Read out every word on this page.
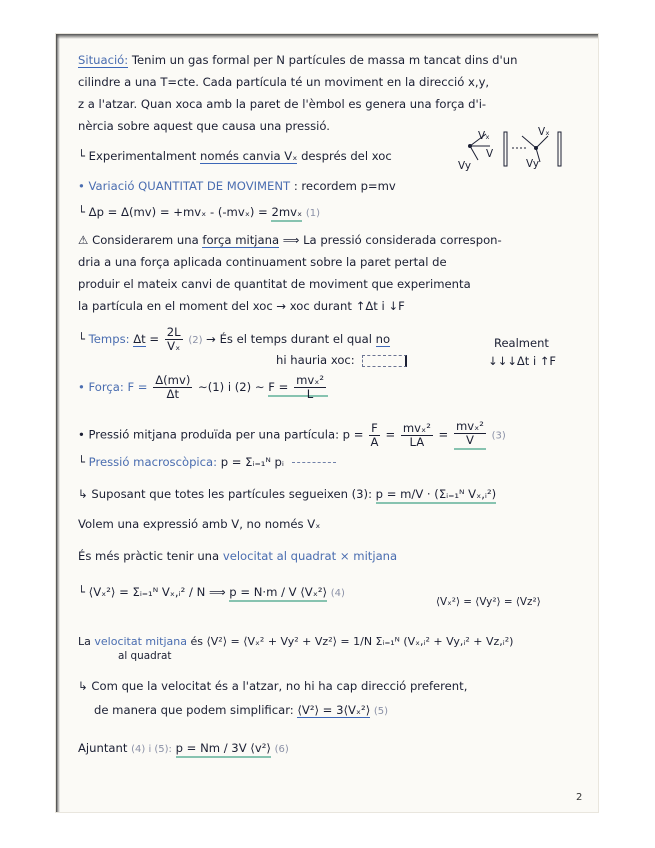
Situació: Tenim un gas formal per N partícules de massa m tancat dins d'un
cilindre a una T=cte. Cada partícula té un moviment en la direcció x,y,
z a l'atzar. Quan xoca amb la paret de l'èmbol es genera una força d'i-
nèrcia sobre aquest que causa una pressió.
└ Experimentalment només canvia Vₓ després del xoc
Vₓ
Vy
V
Vₓ
Vy
• Variació QUANTITAT DE MOVIMENT : recordem p=mv
└ Δp = Δ(mv) = +mvₓ - (-mvₓ) = 2mvₓ (1)
⚠ Considerarem una força mitjana ⟹ La pressió considerada correspon-
dria a una força aplicada continuament sobre la paret pertal de
produir el mateix canvi de quantitat de moviment que experimenta
la partícula en el moment del xoc → xoc durant ↑Δt i ↓F
└ Temps: $\Delta t = \frac{2L}{\text{Vₓ}} (2)$ → És el temps durant el qual no
hi hauria xoc:
Realment
↓↓↓Δt i ↑F
• Força: $F = \frac{\Delta(mv)}{\Delta t}$ ∼(1) i (2) ∼ $F = \frac{\text{mvₓ²}}{L}$
• Pressió mitjana produïda per una partícula: $p = \frac{F}{A} = \frac{\text{mvₓ²}}{LA} = \frac{\text{mvₓ²}}{V} (3)$
└ Pressió macroscòpica: p = Σᵢ₌₁ᴺ pᵢ
↳ Suposant que totes les partícules segueixen (3): p = m/V · (Σᵢ₌₁ᴺ Vₓ,ᵢ²)
Volem una expressió amb V, no només Vₓ
És més pràctic tenir una velocitat al quadrat × mitjana
└ ⟨Vₓ²⟩ = Σᵢ₌₁ᴺ Vₓ,ᵢ² / N ⟹ p = N·m / V ⟨Vₓ²⟩ (4)
⟨Vₓ²⟩ = ⟨Vy²⟩ = ⟨Vz²⟩
La velocitat mitjana és ⟨V²⟩ = ⟨Vₓ² + Vy² + Vz²⟩ = 1/N Σᵢ₌₁ᴺ (Vₓ,ᵢ² + Vy,ᵢ² + Vz,ᵢ²)
al quadrat
↳ Com que la velocitat és a l'atzar, no hi ha cap direcció preferent,
de manera que podem simplificar: ⟨V²⟩ = 3⟨Vₓ²⟩ (5)
Ajuntant (4) i (5): p = Nm / 3V ⟨v²⟩ (6)
2
